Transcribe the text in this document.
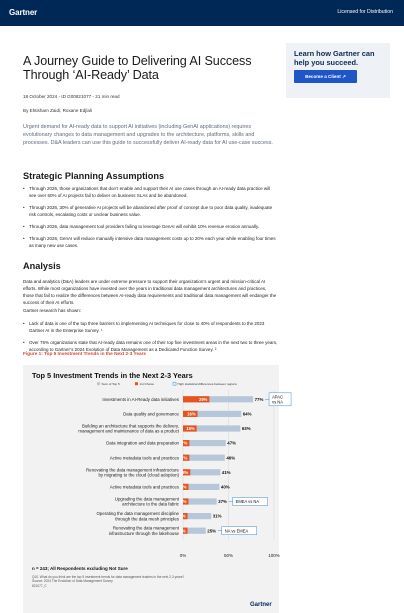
Gartner	Licensed for Distribution
A Journey Guide to Delivering AI Success Through ‘AI-Ready’ Data
18 October 2024 - ID G00821077 - 21 min read
By Ehtisham Zaidi, Roxane Edjlali

Urgent demand for AI-ready data to support AI initiatives (including GenAI applications) requires evolutionary changes to data management and upgrades to the architecture, platforms, skills and processes. D&A leaders can use this guide to successfully deliver AI-ready data for AI use-case success.

Strategic Planning Assumptions
• Through 2026, those organizations that don’t enable and support their AI use cases through an AI-ready data practice will see over 60% of AI projects fail to deliver on business SLAs and be abandoned.
• Through 2026, 30% of generative AI projects will be abandoned after proof of concept due to poor data quality, inadequate risk controls, escalating costs or unclear business value.
• Through 2026, data management tool providers failing to leverage GenAI will exhibit 10% revenue erosion annually.
• Through 2026, GenAI will reduce manually intensive data management costs up to 20% each year while enabling four times as many new use cases.
Analysis

Data and analytics (D&A) leaders are under extreme pressure to support their organization’s urgent and mission-critical AI efforts. While most organizations have invested over the years in traditional data management architectures and practices, those that fail to realize the differences between AI-ready data requirements and traditional data management will endanger the success of their AI efforts.

Gartner research has shown:

• Lack of data is one of the top three barriers to implementing AI techniques for close to 40% of respondents to the 2023 Gartner AI in the Enterprise Survey. ¹
• Over 75% organizations state that AI-ready data remains one of their top five investment areas in the next two to three years, according to Gartner’s 2024 Evolution of Data Management as a Dedicated Function Survey. ²
Figure 1: Top 5 Investment Trends in the Next 2-3 Years
Top 5 Investment Trends in the Next 2-3 Years
Sum of Top 5	1st Choice	High statistical differences between regions
0%	50%	100%
Investments in AI-Ready data initiatives	29%	77%
Data quality and governance 16%	64%
Building an architecture that supports the delivery,
management and maintenance of data as a product
15%	63%
Data integration and data preparation 7%	47%
Active metadata tools and practices 7%	46%
Renovating the data management infrastructure
by migrating to the cloud (cloud adoption)
8%	41%
Active metadata tools and practices 6%	40%
Upgrading the data management
architecture to the data fabric
6%	37%
Operating the data management discipline
through the data mesh principles
5%	31%
Renovating the data management
infrastructure through the lakehouse
5%	25%
APAC
vs NA
EMEA vs NA
NA vs EMEA
n = 243; All Respondents excluding Not Sure
Q10. What do you think are the top 5 investment trends for data management leaders in the next 2-3 years?
Source: 2024 The Evolution of Data Management Survey
821077_C
Gartner
Learn how Gartner can help you succeed.
Become a Client ↗
